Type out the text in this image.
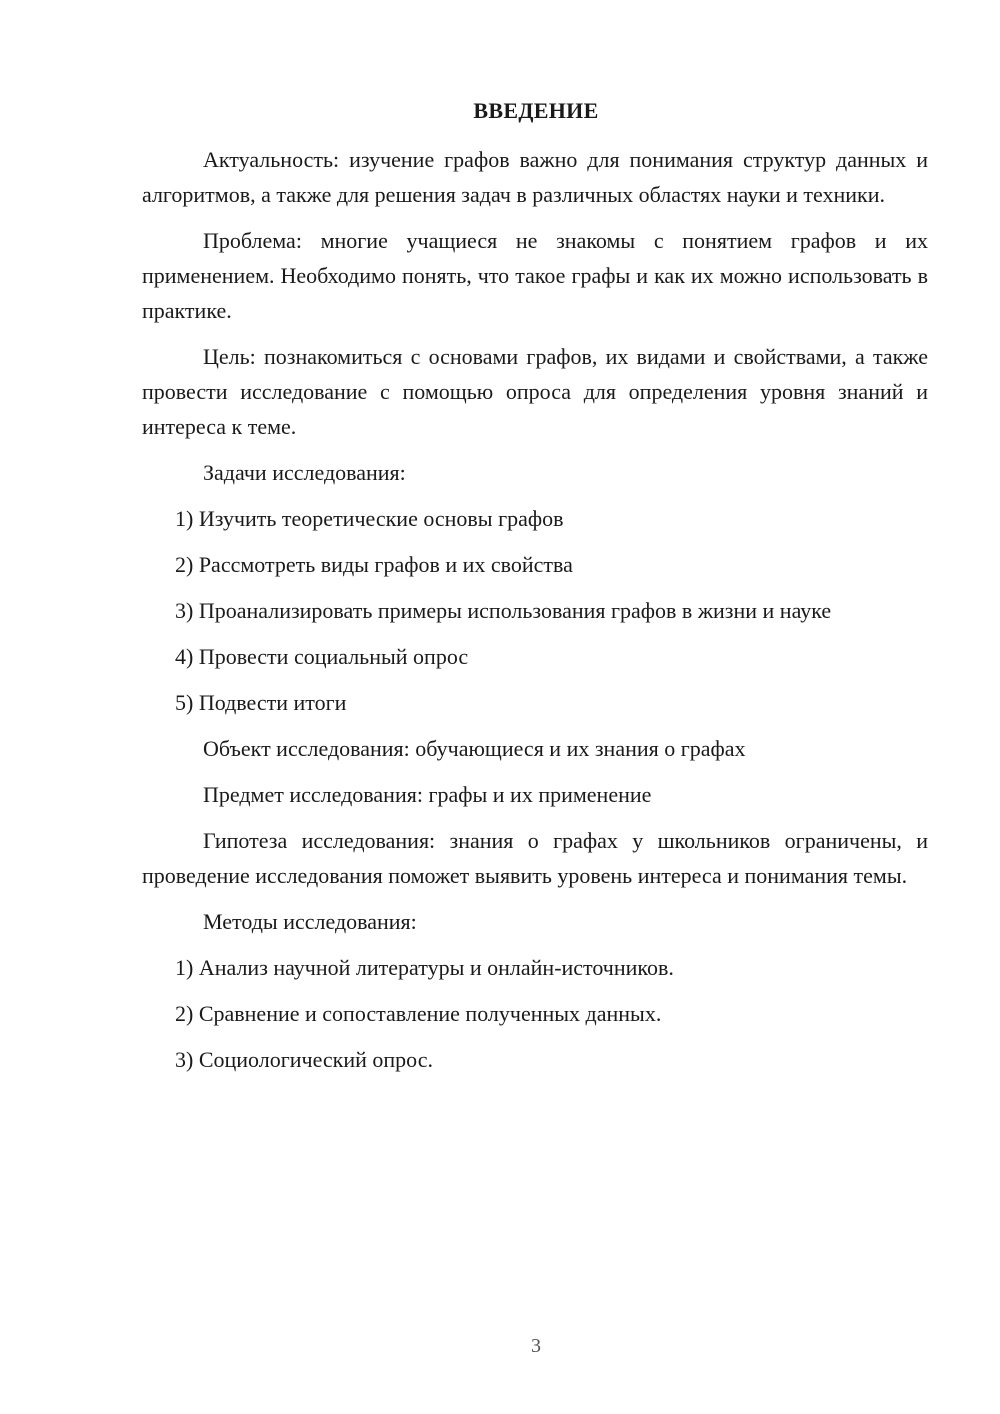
ВВЕДЕНИЕ

Актуальность: изучение графов важно для понимания структур данных и алгоритмов, а также для решения задач в различных областях науки и техники.

Проблема: многие учащиеся не знакомы с понятием графов и их применением. Необходимо понять, что такое графы и как их можно использовать в практике.

Цель: познакомиться с основами графов, их видами и свойствами, а также провести исследование с помощью опроса для определения уровня знаний и интереса к теме.

Задачи исследования:

1) Изучить теоретические основы графов

2) Рассмотреть виды графов и их свойства

3) Проанализировать примеры использования графов в жизни и науке

4) Провести социальный опрос

5) Подвести итоги

Объект исследования: обучающиеся и их знания о графах

Предмет исследования: графы и их применение

Гипотеза исследования: знания о графах у школьников ограничены, и проведение исследования поможет выявить уровень интереса и понимания темы.

Методы исследования:

1) Анализ научной литературы и онлайн-источников.

2) Сравнение и сопоставление полученных данных.

3) Социологический опрос.

3
